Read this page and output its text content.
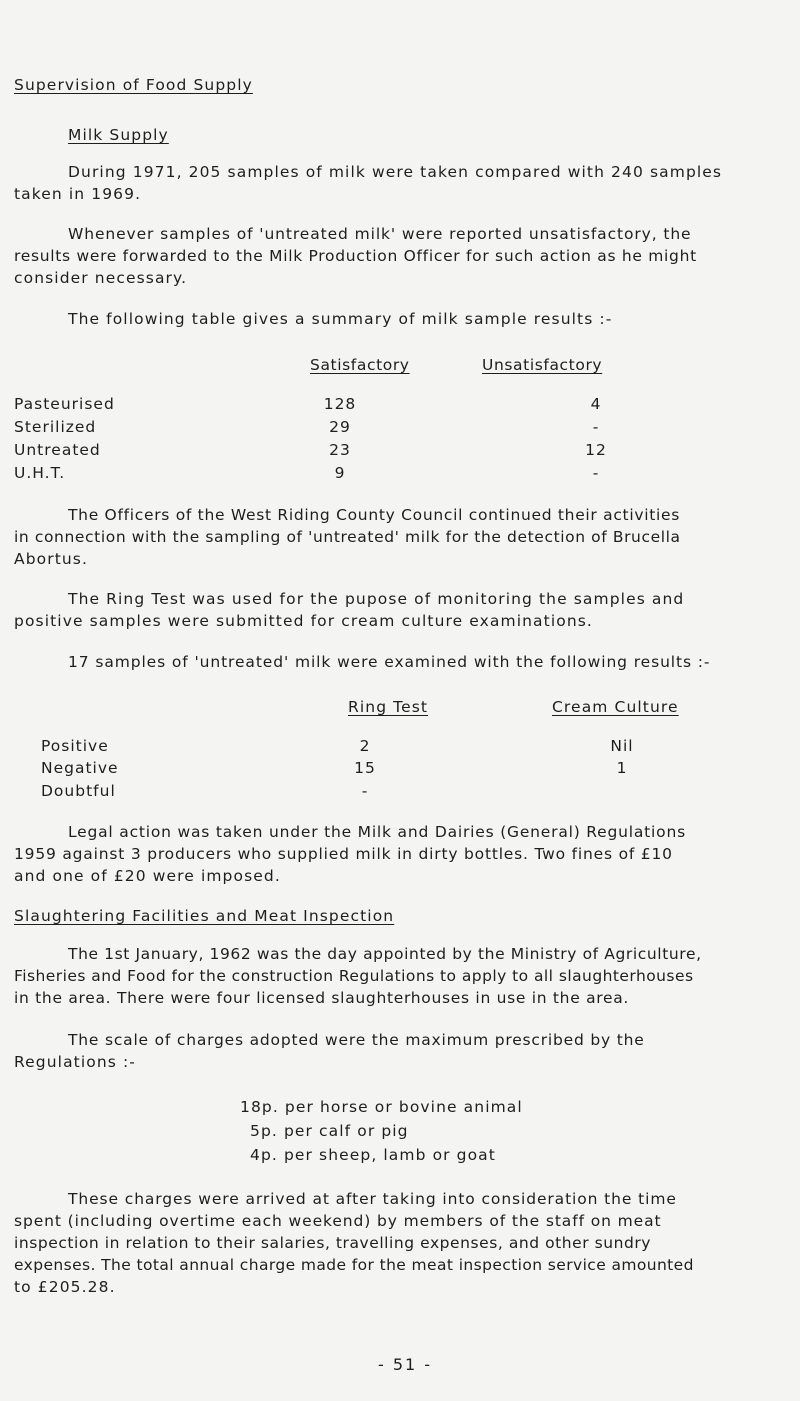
Supervision of Food Supply
Milk Supply
During 1971, 205 samples of milk were taken compared with 240 samples
taken in 1969.
Whenever samples of 'untreated milk' were reported unsatisfactory, the
results were forwarded to the Milk Production Officer for such action as he might
consider necessary.
The following table gives a summary of milk sample results :-
Satisfactory	Unsatisfactory
Pasteurised	128	4
Sterilized	29	-
Untreated	23	12
U.H.T.	9	-
The Officers of the West Riding County Council continued their activities
in connection with the sampling of 'untreated' milk for the detection of Brucella
Abortus.
The Ring Test was used for the pupose of monitoring the samples and
positive samples were submitted for cream culture examinations.
17 samples of 'untreated' milk were examined with the following results :-
Ring Test	Cream Culture
Positive	2	Nil
Negative	15	1
Doubtful	-
Legal action was taken under the Milk and Dairies (General) Regulations
1959 against 3 producers who supplied milk in dirty bottles. Two fines of £10
and one of £20 were imposed.
Slaughtering Facilities and Meat Inspection
The 1st January, 1962 was the day appointed by the Ministry of Agriculture,
Fisheries and Food for the construction Regulations to apply to all slaughterhouses
in the area. There were four licensed slaughterhouses in use in the area.
The scale of charges adopted were the maximum prescribed by the
Regulations :-
18p. per horse or bovine animal
5p. per calf or pig
4p. per sheep, lamb or goat
These charges were arrived at after taking into consideration the time
spent (including overtime each weekend) by members of the staff on meat
inspection in relation to their salaries, travelling expenses, and other sundry
expenses. The total annual charge made for the meat inspection service amounted
to £205.28.
- 51 -
